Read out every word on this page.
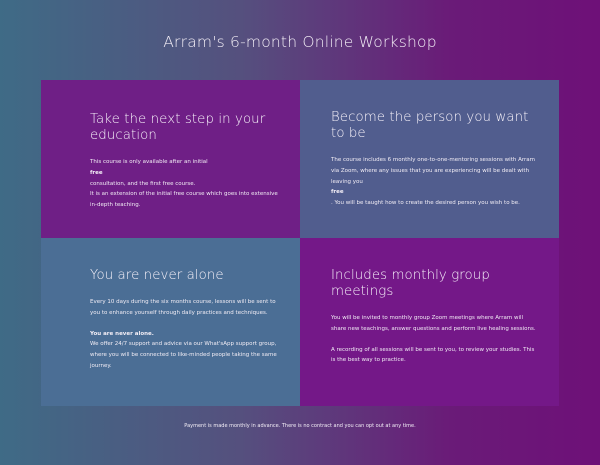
Arram's 6-month Online Workshop
Take the next step in your education

This course is only available after an initial

free

consultation, and the first free course.

It is an extension of the initial free course which goes into extensive in-depth teaching.

Become the person you want to be

The course includes 6 monthly one-to-one-mentoring sessions with Arram via Zoom, where any issues that you are experiencing will be dealt with leaving you

free

. You will be taught how to create the desired person you wish to be.

You are never alone

Every 10 days during the six months course, lessons will be sent to you to enhance yourself through daily practices and techniques.

You are never alone.

We offer 24/7 support and advice via our What'sApp support group, where you will be connected to like-minded people taking the same journey.

Includes monthly group meetings

You will be invited to monthly group Zoom meetings where Arram will share new teachings, answer questions and perform live healing sessions.

A recording of all sessions will be sent to you, to review your studies. This is the best way to practice.

Payment is made monthly in advance. There is no contract and you can opt out at any time.
